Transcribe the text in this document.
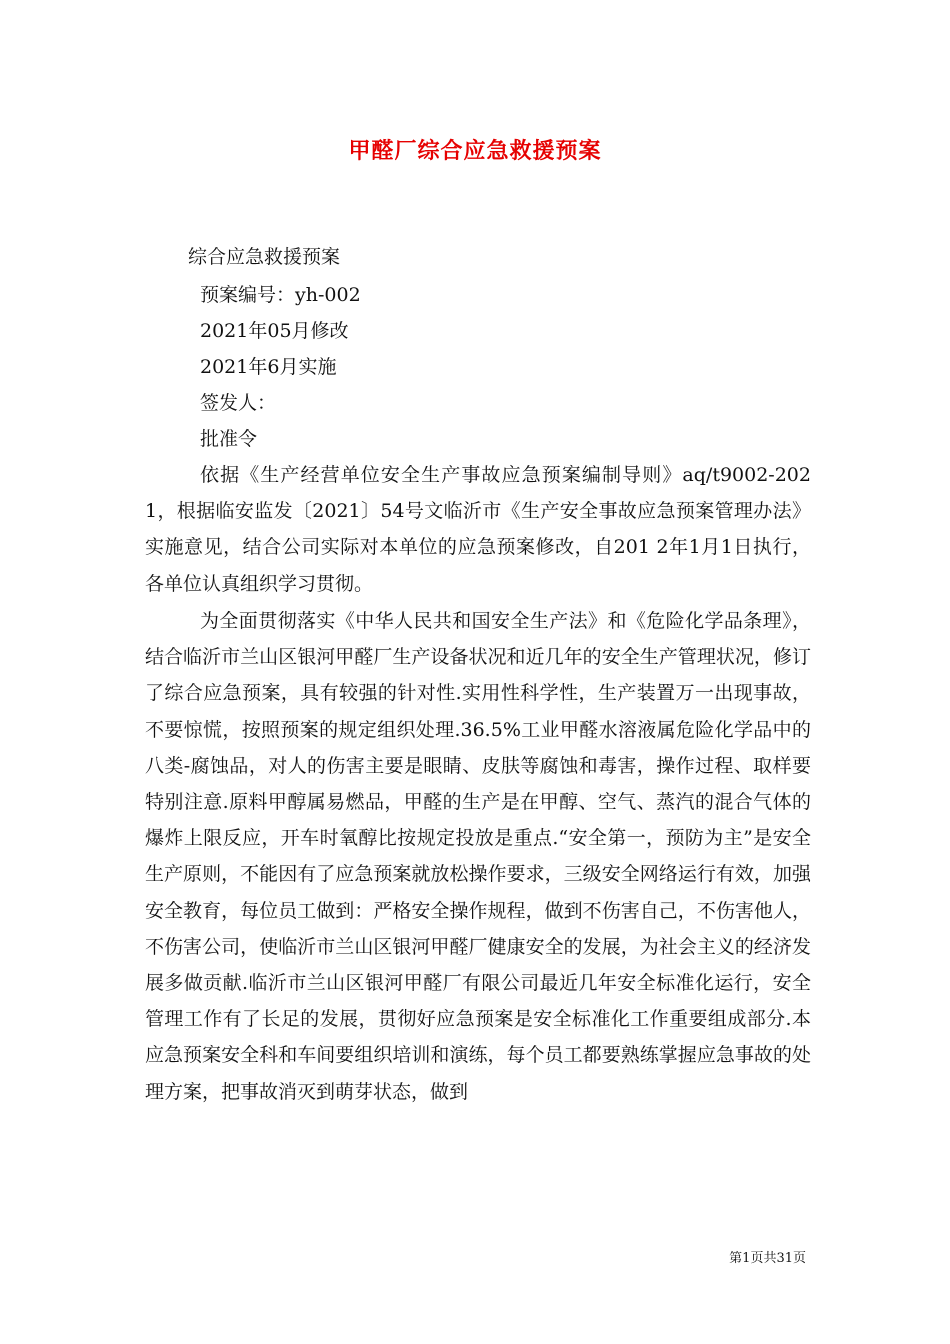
甲醛厂综合应急救援预案
综合应急救援预案
预案编号：yh-002
2021年05月修改
2021年6月实施
签发人：
批准令
依据《生产经营单位安全生产事故应急预案编制导则》aq/t9002-2021，根据临安监发〔2021〕54号文临沂市《生产安全事故应急预案管理办法》实施意见，结合公司实际对本单位的应急预案修改，自201 2年1月1日执行，各单位认真组织学习贯彻。
为全面贯彻落实《中华人民共和国安全生产法》和《危险化学品条理》，结合临沂市兰山区银河甲醛厂生产设备状况和近几年的安全生产管理状况，修订了综合应急预案，具有较强的针对性.实用性科学性，生产装置万一出现事故，不要惊慌，按照预案的规定组织处理.36.5%工业甲醛水溶液属危险化学品中的八类-腐蚀品，对人的伤害主要是眼睛、皮肤等腐蚀和毒害，操作过程、取样要特别注意.原料甲醇属易燃品，甲醛的生产是在甲醇、空气、蒸汽的混合气体的爆炸上限反应，开车时氧醇比按规定投放是重点.“安全第一，预防为主”是安全生产原则，不能因有了应急预案就放松操作要求，三级安全网络运行有效，加强安全教育，每位员工做到：严格安全操作规程，做到不伤害自己，不伤害他人，不伤害公司，使临沂市兰山区银河甲醛厂健康安全的发展，为社会主义的经济发展多做贡献.临沂市兰山区银河甲醛厂有限公司最近几年安全标准化运行，安全管理工作有了长足的发展，贯彻好应急预案是安全标准化工作重要组成部分.本应急预案安全科和车间要组织培训和演练，每个员工都要熟练掌握应急事故的处理方案，把事故消灭到萌芽状态，做到
第1页共31页
